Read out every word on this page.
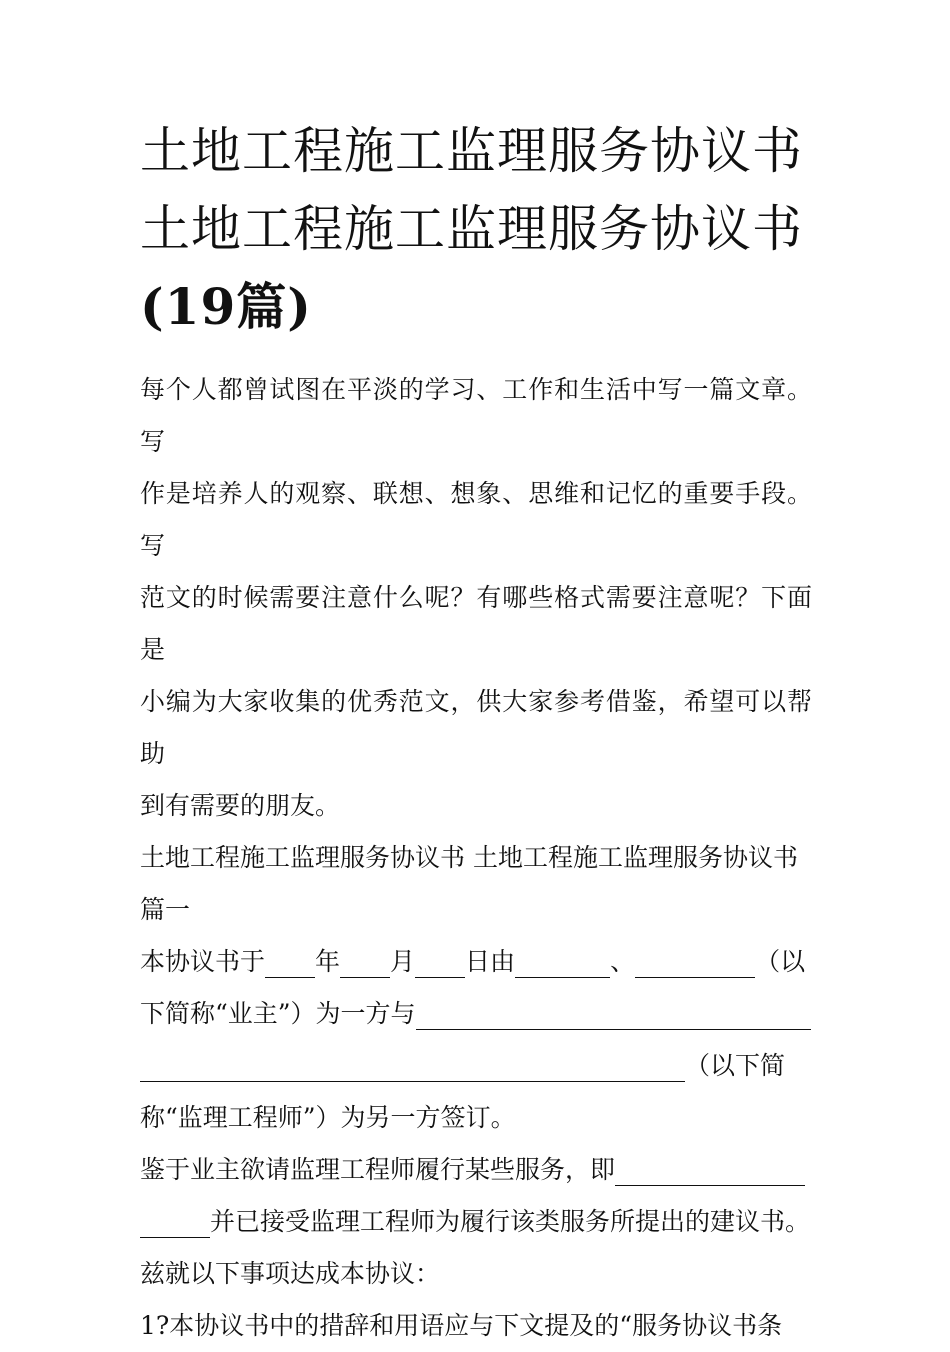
土地工程施工监理服务协议书
土地工程施工监理服务协议书
(19篇)

每个人都曾试图在平淡的学习、工作和生活中写一篇文章。写

作是培养人的观察、联想、想象、思维和记忆的重要手段。写

范文的时候需要注意什么呢？有哪些格式需要注意呢？下面是

小编为大家收集的优秀范文，供大家参考借鉴，希望可以帮助

到有需要的朋友。

土地工程施工监理服务协议书 土地工程施工监理服务协议书

篇一

本协议书于 年 月 日由	、	（以

下简称“业主”）为一方与

（以下简

称“监理工程师”）为另一方签订。

鉴于业主欲请监理工程师履行某些服务，即

并已接受监理工程师为履行该类服务所提出的建议书。

兹就以下事项达成本协议：

1?本协议书中的措辞和用语应与下文提及的“服务协议书条
